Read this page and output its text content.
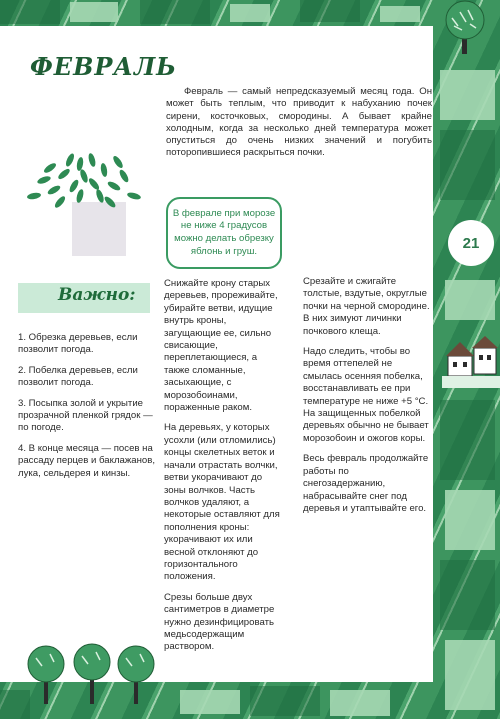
21
ФЕВРАЛЬ
Февраль — самый непредсказуемый месяц года. Он может быть теплым, что приводит к набуханию почек сирени, косточковых, смородины. А бывает крайне холодным, когда за несколько дней температура может опуститься до очень низких значений и погубить поторопившиеся раскрыться почки.
В феврале при морозе не ниже 4 градусов можно делать обрезку яблонь и груш.
Важно:

1. Обрезка деревьев, если позволит погода.

2. Побелка деревьев, если позволит погода.

3. Посыпка золой и укрытие прозрачной пленкой грядок — по погоде.

4. В конце месяца — посев на рассаду перцев и баклажанов, лука, сельдерея и кинзы.

Снижайте крону старых деревьев, прореживайте, убирайте ветви, идущие внутрь кроны, загущающие ее, сильно свисающие, переплетающиеся, а также сломанные, засыхающие, с морозобоинами, пораженные раком.

На деревьях, у которых усохли (или отломились) концы скелетных веток и начали отрастать волчки, ветви укорачивают до зоны волчков. Часть волчков удаляют, а некоторые оставляют для пополнения кроны: укорачивают их или весной отклоняют до горизонтального положения.

Срезы больше двух сантиметров в диаметре нужно дезинфицировать медьсодержащим раствором.

Срезайте и сжигайте толстые, вздутые, округлые почки на черной смородине. В них зимуют личинки почкового клеща.

Надо следить, чтобы во время оттепелей не смылась осенняя побелка, восстанавливать ее при температуре не ниже +5 °С. На защищенных побелкой деревьях обычно не бывает морозобоин и ожогов коры.

Весь февраль продолжайте работы по снегозадержанию, набрасывайте снег под деревья и утаптывайте его.
